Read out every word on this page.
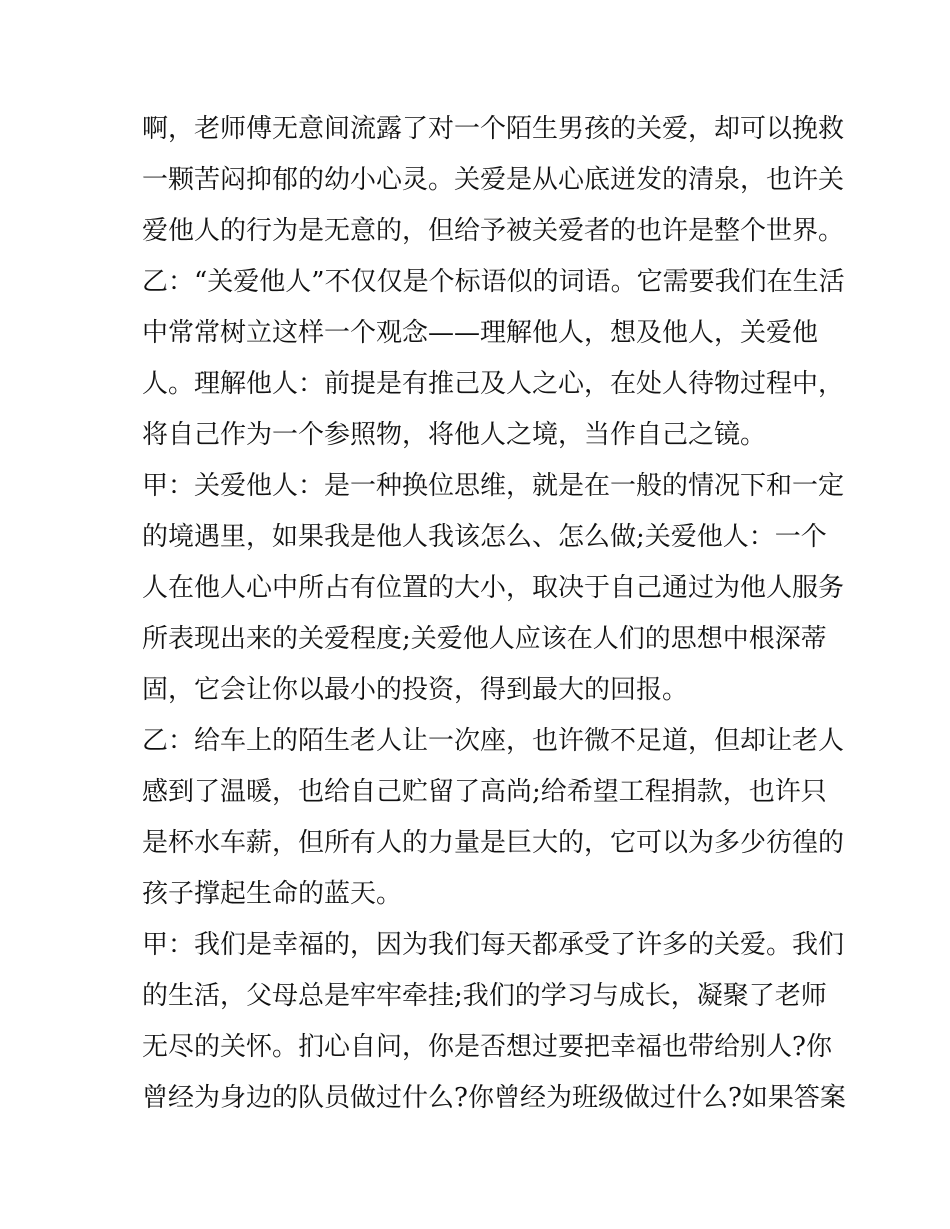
啊，老师傅无意间流露了对一个陌生男孩的关爱，却可以挽救
一颗苦闷抑郁的幼小心灵。关爱是从心底迸发的清泉，也许关
爱他人的行为是无意的，但给予被关爱者的也许是整个世界。
乙：“关爱他人”不仅仅是个标语似的词语。它需要我们在生活
中常常树立这样一个观念——理解他人，想及他人，关爱他
人。理解他人：前提是有推己及人之心，在处人待物过程中，
将自己作为一个参照物，将他人之境，当作自己之镜。
甲：关爱他人：是一种换位思维，就是在一般的情况下和一定
的境遇里，如果我是他人我该怎么、怎么做;关爱他人：一个
人在他人心中所占有位置的大小，取决于自己通过为他人服务
所表现出来的关爱程度;关爱他人应该在人们的思想中根深蒂
固，它会让你以最小的投资，得到最大的回报。
乙：给车上的陌生老人让一次座，也许微不足道，但却让老人
感到了温暖，也给自己贮留了高尚;给希望工程捐款，也许只
是杯水车薪，但所有人的力量是巨大的，它可以为多少彷徨的
孩子撑起生命的蓝天。
甲：我们是幸福的，因为我们每天都承受了许多的关爱。我们
的生活，父母总是牢牢牵挂;我们的学习与成长，凝聚了老师
无尽的关怀。扪心自问，你是否想过要把幸福也带给别人?你
曾经为身边的队员做过什么?你曾经为班级做过什么?如果答案
